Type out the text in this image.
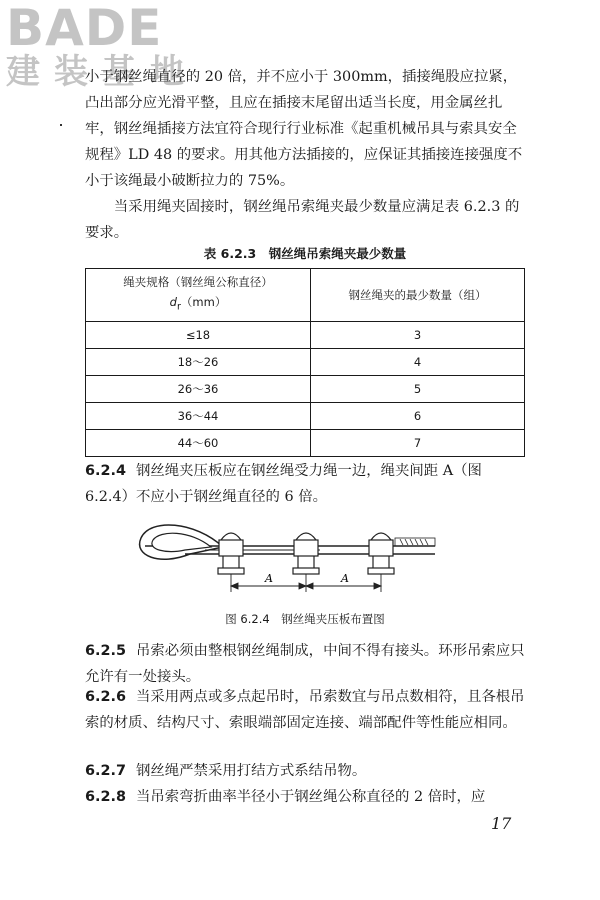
BADE
建装基地

小于钢丝绳直径的 20 倍，并不应小于 300mm，插接绳股应拉紧，凸出部分应光滑平整，且应在插接末尾留出适当长度，用金属丝扎牢，钢丝绳插接方法宜符合现行行业标准《起重机械吊具与索具安全规程》LD 48 的要求。用其他方法插接的，应保证其插接连接强度不小于该绳最小破断拉力的 75%。

当采用绳夹固接时，钢丝绳吊索绳夹最少数量应满足表 6.2.3 的要求。

表 6.2.3　钢丝绳吊索绳夹最少数量
绳夹规格（钢丝绳公称直径）
$d_r(mm)$	钢丝绳夹的最少数量（组）
≤18	3
18～26	4
26～36	5
36～44	6
44～60	7

6.2.4 钢丝绳夹压板应在钢丝绳受力绳一边，绳夹间距 A（图 6.2.4）不应小于钢丝绳直径的 6 倍。

A	A
图 6.2.4　钢丝绳夹压板布置图

6.2.5 吊索必须由整根钢丝绳制成，中间不得有接头。环形吊索应只允许有一处接头。

6.2.6 当采用两点或多点起吊时，吊索数宜与吊点数相符，且各根吊索的材质、结构尺寸、索眼端部固定连接、端部配件等性能应相同。

6.2.7 钢丝绳严禁采用打结方式系结吊物。

6.2.8 当吊索弯折曲率半径小于钢丝绳公称直径的 2 倍时，应

17
